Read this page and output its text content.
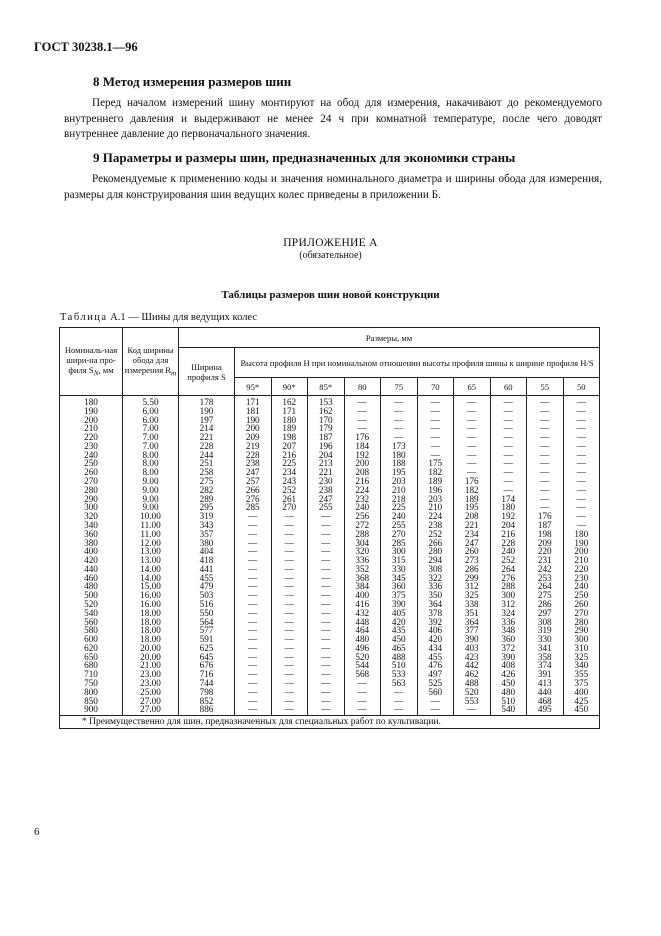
ГОСТ 30238.1—96
8 Метод измерения размеров шин
Перед началом измерений шину монтируют на обод для измерения, накачивают до рекомендуемого внутреннего давления и выдерживают не менее 24 ч при комнатной температуре, после чего доводят внутреннее давление до первоначального значения.
9 Параметры и размеры шин, предназначенных для экономики страны
Рекомендуемые к применению коды и значения номинального диаметра и ширины обода для измерения, размеры для конструирования шин ведущих колес приведены в приложении Б.
ПРИЛОЖЕНИЕ А
(обязательное)
Таблицы размеров шин новой конструкции
Таблица А.1 — Шины для ведущих колес
Номиналь-ная шири-на про-филя $S_N$, мм	Код ширины обода для измерения $R_m$	Размеры, мм										
		Ширина профиля S	Высота профиля Н при номинальном отношении высоты профиля шины к ширине профиля H/S									
			95*	90*	85*	80	75	70	65	60	55	50
180	5.50	178	171	162	153	—	—	—	—	—	—	—
190	6.00	190	181	171	162	—	—	—	—	—	—	—
200	6.00	197	190	180	170	—	—	—	—	—	—	—
210	7.00	214	200	189	179	—	—	—	—	—	—	—
220	7.00	221	209	198	187	176	—	—	—	—	—	—
230	7.00	228	219	207	196	184	173	—	—	—	—	—
240	8.00	244	228	216	204	192	180	—	—	—	—	—
250	8.00	251	238	225	213	200	188	175	—	—	—	—
260	8.00	258	247	234	221	208	195	182	—	—	—	—
270	9.00	275	257	243	230	216	203	189	176	—	—	—
280	9.00	282	266	252	238	224	210	196	182	—	—	—
290	9.00	289	276	261	247	232	218	203	189	174	—	—
300	9.00	295	285	270	255	240	225	210	195	180	—	—
320	10.00	319	—	—	—	256	240	224	208	192	176	—
340	11.00	343	—	—	—	272	255	238	221	204	187	—
360	11.00	357	—	—	—	288	270	252	234	216	198	180
380	12.00	380	—	—	—	304	285	266	247	228	209	190
400	13.00	404	—	—	—	320	300	280	260	240	220	200
420	13.00	418	—	—	—	336	315	294	273	252	231	210
440	14.00	441	—	—	—	352	330	308	286	264	242	220
460	14.00	455	—	—	—	368	345	322	299	276	253	230
480	15.00	479	—	—	—	384	360	336	312	288	264	240
500	16.00	503	—	—	—	400	375	350	325	300	275	250
520	16.00	516	—	—	—	416	390	364	338	312	286	260
540	18.00	550	—	—	—	432	405	378	351	324	297	270
560	18.00	564	—	—	—	448	420	392	364	336	308	280
580	18.00	577	—	—	—	464	435	406	377	348	319	290
600	18.00	591	—	—	—	480	450	420	390	360	330	300
620	20.00	625	—	—	—	496	465	434	403	372	341	310
650	20.00	645	—	—	—	520	488	455	423	390	358	325
680	21.00	676	—	—	—	544	510	476	442	408	374	340
710	23.00	716	—	—	—	568	533	497	462	426	391	355
750	23.00	744	—	—	—	—	563	525	488	450	413	375
800	25.00	798	—	—	—	—	—	560	520	480	440	400
850	27.00	852	—	—	—	—	—	—	553	510	468	425
900	27.00	886	—	—	—	—	—	—	—	540	495	450
* Преимущественно для шин, предназначенных для специальных работ по культивации.												
6
